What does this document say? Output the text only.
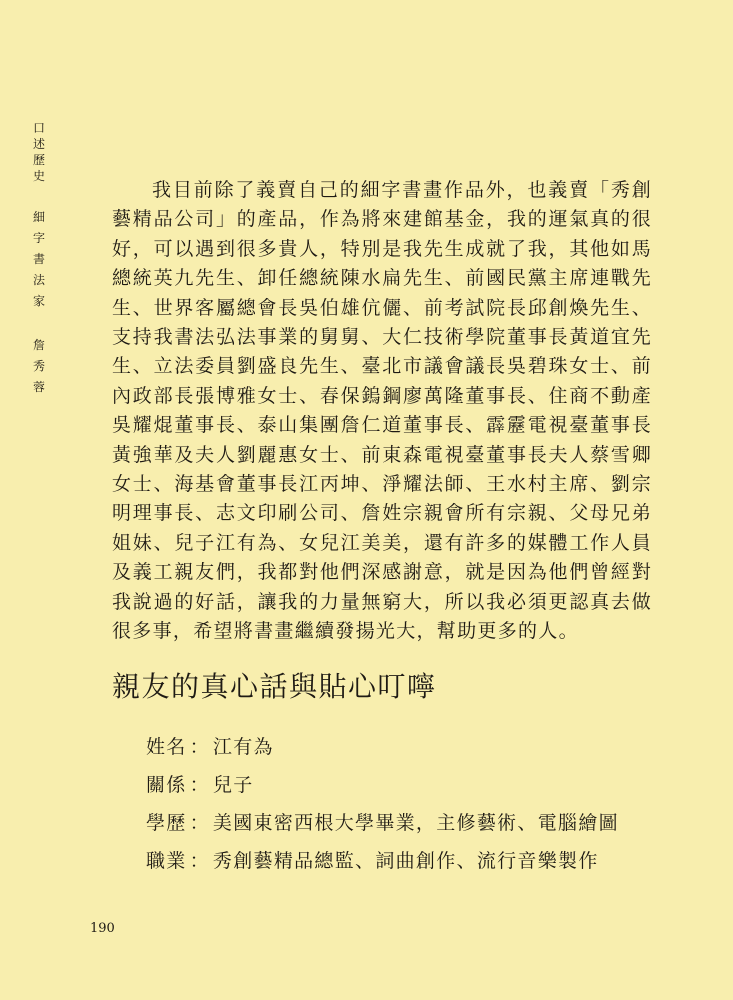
口
述
歷
史
細
字
書
法
家
詹
秀
蓉

我目前除了義賣自己的細字書畫作品外，也義賣「秀創藝精品公司」的產品，作為將來建館基金，我的運氣真的很好，可以遇到很多貴人，特別是我先生成就了我，其他如馬總統英九先生、卸任總統陳水扁先生、前國民黨主席連戰先生、世界客屬總會長吳伯雄伉儷、前考試院長邱創煥先生、支持我書法弘法事業的舅舅、大仁技術學院董事長黃道宜先生、立法委員劉盛良先生、臺北市議會議長吳碧珠女士、前內政部長張博雅女士、春保鎢鋼廖萬隆董事長、住商不動產吳耀焜董事長、泰山集團詹仁道董事長、霹靂電視臺董事長黃強華及夫人劉麗惠女士、前東森電視臺董事長夫人蔡雪卿女士、海基會董事長江丙坤、淨耀法師、王水村主席、劉宗明理事長、志文印刷公司、詹姓宗親會所有宗親、父母兄弟姐妹、兒子江有為、女兒江美美，還有許多的媒體工作人員及義工親友們，我都對他們深感謝意，就是因為他們曾經對我說過的好話，讓我的力量無窮大，所以我必須更認真去做很多事，希望將書畫繼續發揚光大，幫助更多的人。

親友的真心話與貼心叮嚀
姓名 ： 江有為
關係 ： 兒子
學歷 ： 美國東密西根大學畢業，主修藝術、電腦繪圖
職業 ： 秀創藝精品總監、詞曲創作、流行音樂製作
190
